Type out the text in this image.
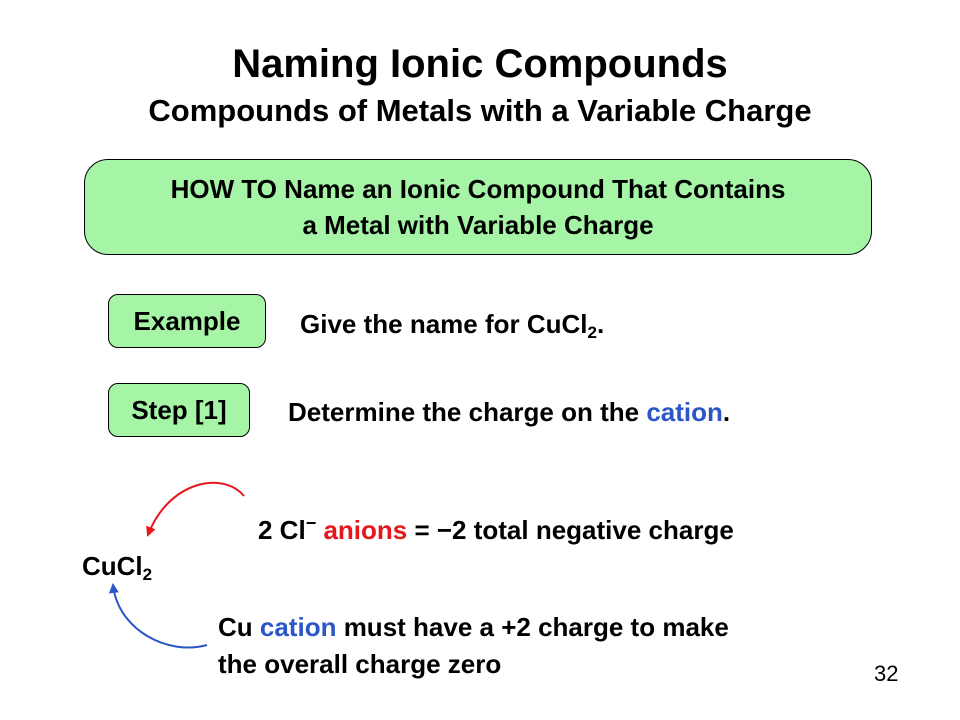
Naming Ionic Compounds
Compounds of Metals with a Variable Charge
HOW TO Name an Ionic Compound That Contains
a Metal with Variable Charge
Example Give the name for CuCl$_2$.
Step [1] Determine the charge on the cation.
CuCl$_2$
2 Cl− anions = −2 total negative charge
Cu cation must have a +2 charge to make
the overall charge zero	32
